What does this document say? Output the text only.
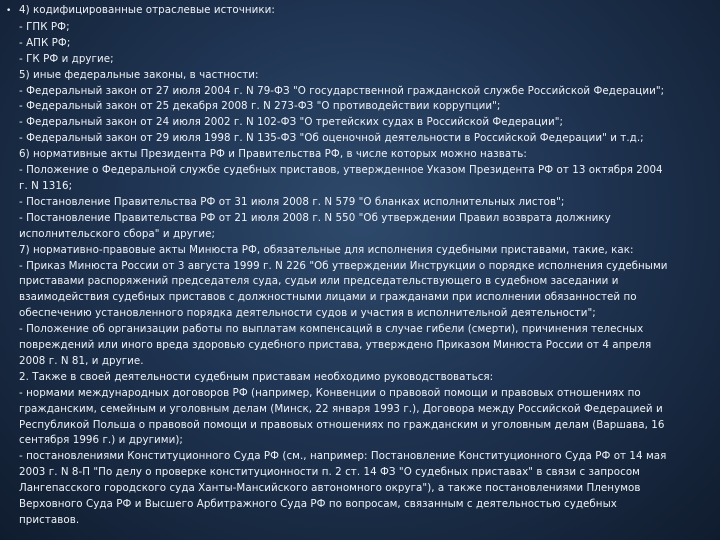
• 4) кодифицированные отраслевые источники:
- ГПК РФ;
- АПК РФ;
- ГК РФ и другие;
5) иные федеральные законы, в частности:
- Федеральный закон от 27 июля 2004 г. N 79-ФЗ "О государственной гражданской службе Российской Федерации";
- Федеральный закон от 25 декабря 2008 г. N 273-ФЗ "О противодействии коррупции";
- Федеральный закон от 24 июля 2002 г. N 102-ФЗ "О третейских судах в Российской Федерации";
- Федеральный закон от 29 июля 1998 г. N 135-ФЗ "Об оценочной деятельности в Российской Федерации" и т.д.;
6) нормативные акты Президента РФ и Правительства РФ, в числе которых можно назвать:
- Положение о Федеральной службе судебных приставов, утвержденное Указом Президента РФ от 13 октября 2004
г. N 1316;
- Постановление Правительства РФ от 31 июля 2008 г. N 579 "О бланках исполнительных листов";
- Постановление Правительства РФ от 21 июля 2008 г. N 550 "Об утверждении Правил возврата должнику
исполнительского сбора" и другие;
7) нормативно-правовые акты Минюста РФ, обязательные для исполнения судебными приставами, такие, как:
- Приказ Минюста России от 3 августа 1999 г. N 226 "Об утверждении Инструкции о порядке исполнения судебными
приставами распоряжений председателя суда, судьи или председательствующего в судебном заседании и
взаимодействия судебных приставов с должностными лицами и гражданами при исполнении обязанностей по
обеспечению установленного порядка деятельности судов и участия в исполнительной деятельности";
- Положение об организации работы по выплатам компенсаций в случае гибели (смерти), причинения телесных
повреждений или иного вреда здоровью судебного пристава, утверждено Приказом Минюста России от 4 апреля
2008 г. N 81, и другие.
2. Также в своей деятельности судебным приставам необходимо руководствоваться:
- нормами международных договоров РФ (например, Конвенции о правовой помощи и правовых отношениях по
гражданским, семейным и уголовным делам (Минск, 22 января 1993 г.), Договора между Российской Федерацией и
Республикой Польша о правовой помощи и правовых отношениях по гражданским и уголовным делам (Варшава, 16
сентября 1996 г.) и другими);
- постановлениями Конституционного Суда РФ (см., например: Постановление Конституционного Суда РФ от 14 мая
2003 г. N 8-П "По делу о проверке конституционности п. 2 ст. 14 ФЗ "О судебных приставах" в связи с запросом
Лангепасского городского суда Ханты-Мансийского автономного округа"), а также постановлениями Пленумов
Верховного Суда РФ и Высшего Арбитражного Суда РФ по вопросам, связанным с деятельностью судебных
приставов.
